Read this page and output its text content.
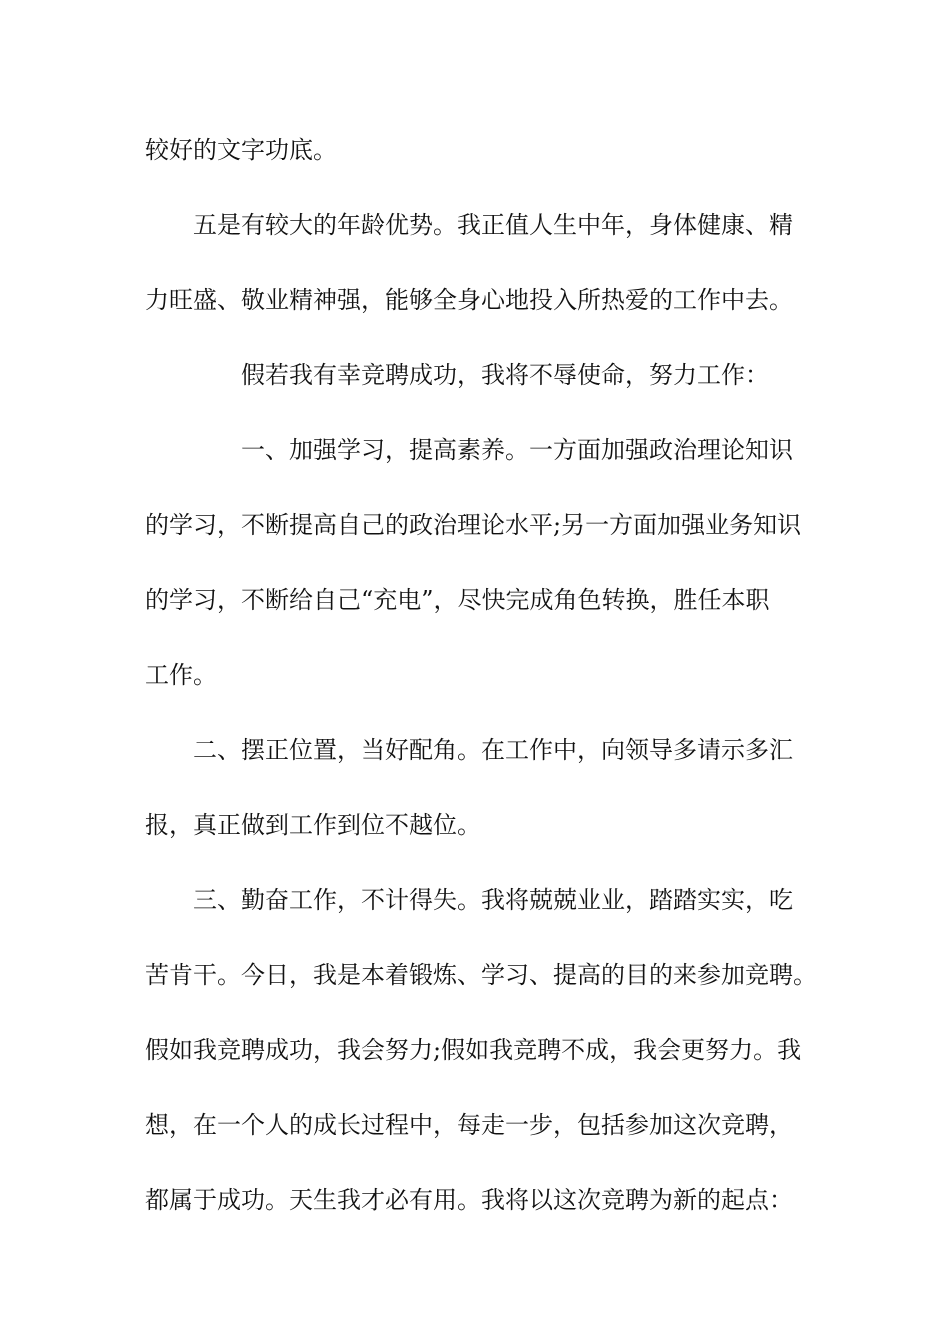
较好的文字功底。

五是有较大的年龄优势。我正值人生中年，身体健康、精

力旺盛、敬业精神强，能够全身心地投入所热爱的工作中去。

假若我有幸竞聘成功，我将不辱使命，努力工作：

一、加强学习，提高素养。一方面加强政治理论知识

的学习，不断提高自己的政治理论水平;另一方面加强业务知识

的学习，不断给自己“充电”，尽快完成角色转换，胜任本职

工作。

二、摆正位置，当好配角。在工作中，向领导多请示多汇

报，真正做到工作到位不越位。

三、勤奋工作，不计得失。我将兢兢业业，踏踏实实，吃

苦肯干。今日，我是本着锻炼、学习、提高的目的来参加竞聘。

假如我竞聘成功，我会努力;假如我竞聘不成，我会更努力。我

想，在一个人的成长过程中，每走一步，包括参加这次竞聘，

都属于成功。天生我才必有用。我将以这次竞聘为新的起点：
